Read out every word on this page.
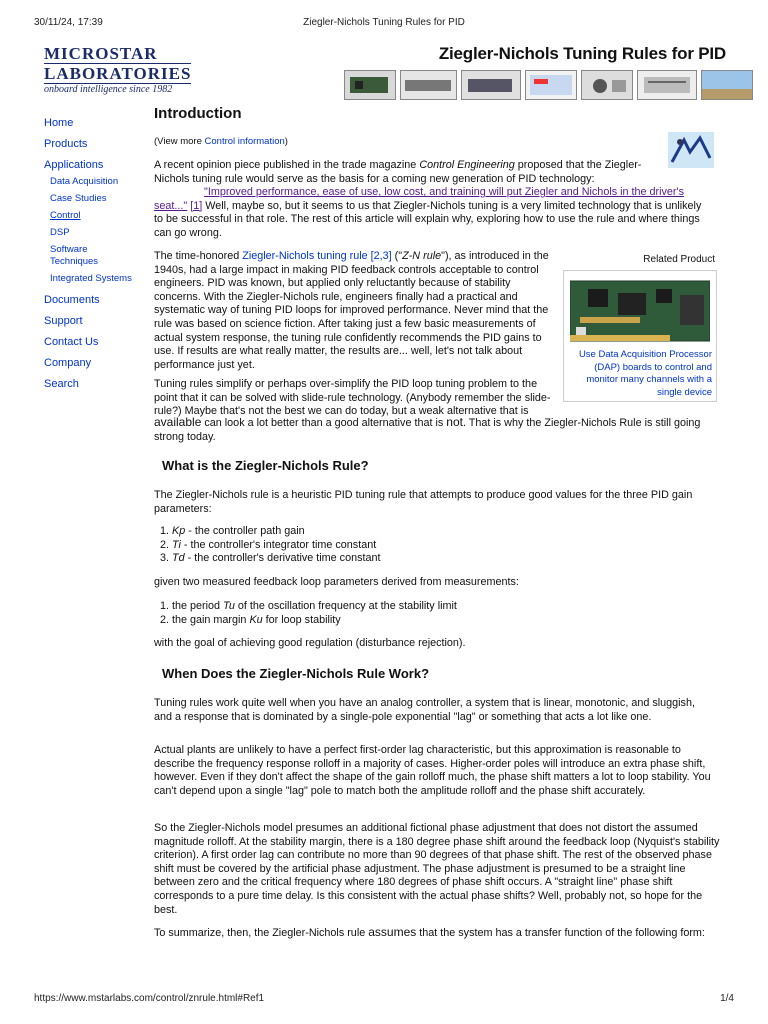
30/11/24, 17:39	Ziegler-Nichols Tuning Rules for PID
MICROSTAR
LABORATORIES
onboard intelligence since 1982
Ziegler-Nichols Tuning Rules for PID
Home
Products
Applications
Data Acquisition
Case Studies
Control
DSP
Software Techniques
Integrated Systems
Documents
Support
Contact Us
Company
Search
Introduction
(View more Control information)
A recent opinion piece published in the trade magazine Control Engineering proposed that the Ziegler-Nichols tuning rule would serve as the basis for a coming new generation of PID technology:
"Improved performance, ease of use, low cost, and training will put Ziegler and Nichols in the driver's seat..." [1] Well, maybe so, but it seems to us that Ziegler-Nichols tuning is a very limited technology that is unlikely to be successful in that role. The rest of this article will explain why, exploring how to use the rule and where things can go wrong.
The time-honored Ziegler-Nichols tuning rule [2,3] ("Z-N rule"), as introduced in the 1940s, had a large impact in making PID feedback controls acceptable to control engineers. PID was known, but applied only reluctantly because of stability concerns. With the Ziegler-Nichols rule, engineers finally had a practical and systematic way of tuning PID loops for improved performance. Never mind that the rule was based on science fiction. After taking just a few basic measurements of actual system response, the tuning rule confidently recommends the PID gains to use. If results are what really matter, the results are... well, let's not talk about performance just yet.
Related Product
Use Data Acquisition Processor (DAP) boards to control and monitor many channels with a single device
Tuning rules simplify or perhaps over-simplify the PID loop tuning problem to the point that it can be solved with slide-rule technology. (Anybody remember the slide-rule?) Maybe that's not the best we can do today, but a weak alternative that is
available can look a lot better than a good alternative that is not. That is why the Ziegler-Nichols Rule is still going strong today.
What is the Ziegler-Nichols Rule?
The Ziegler-Nichols rule is a heuristic PID tuning rule that attempts to produce good values for the three PID gain parameters:
1. Kp - the controller path gain
2. Ti - the controller's integrator time constant
3. Td - the controller's derivative time constant
given two measured feedback loop parameters derived from measurements:
1. the period Tu of the oscillation frequency at the stability limit
2. the gain margin Ku for loop stability
with the goal of achieving good regulation (disturbance rejection).
When Does the Ziegler-Nichols Rule Work?
Tuning rules work quite well when you have an analog controller, a system that is linear, monotonic, and sluggish, and a response that is dominated by a single-pole exponential "lag" or something that acts a lot like one.
Actual plants are unlikely to have a perfect first-order lag characteristic, but this approximation is reasonable to describe the frequency response rolloff in a majority of cases. Higher-order poles will introduce an extra phase shift, however. Even if they don't affect the shape of the gain rolloff much, the phase shift matters a lot to loop stability. You can't depend upon a single "lag" pole to match both the amplitude rolloff and the phase shift accurately.
So the Ziegler-Nichols model presumes an additional fictional phase adjustment that does not distort the assumed magnitude rolloff. At the stability margin, there is a 180 degree phase shift around the feedback loop (Nyquist's stability criterion). A first order lag can contribute no more than 90 degrees of that phase shift. The rest of the observed phase shift must be covered by the artificial phase adjustment. The phase adjustment is presumed to be a straight line between zero and the critical frequency where 180 degrees of phase shift occurs. A "straight line" phase shift corresponds to a pure time delay. Is this consistent with the actual phase shifts? Well, probably not, so hope for the best.
To summarize, then, the Ziegler-Nichols rule assumes that the system has a transfer function of the following form:
https://www.mstarlabs.com/control/znrule.html#Ref1	1/4
